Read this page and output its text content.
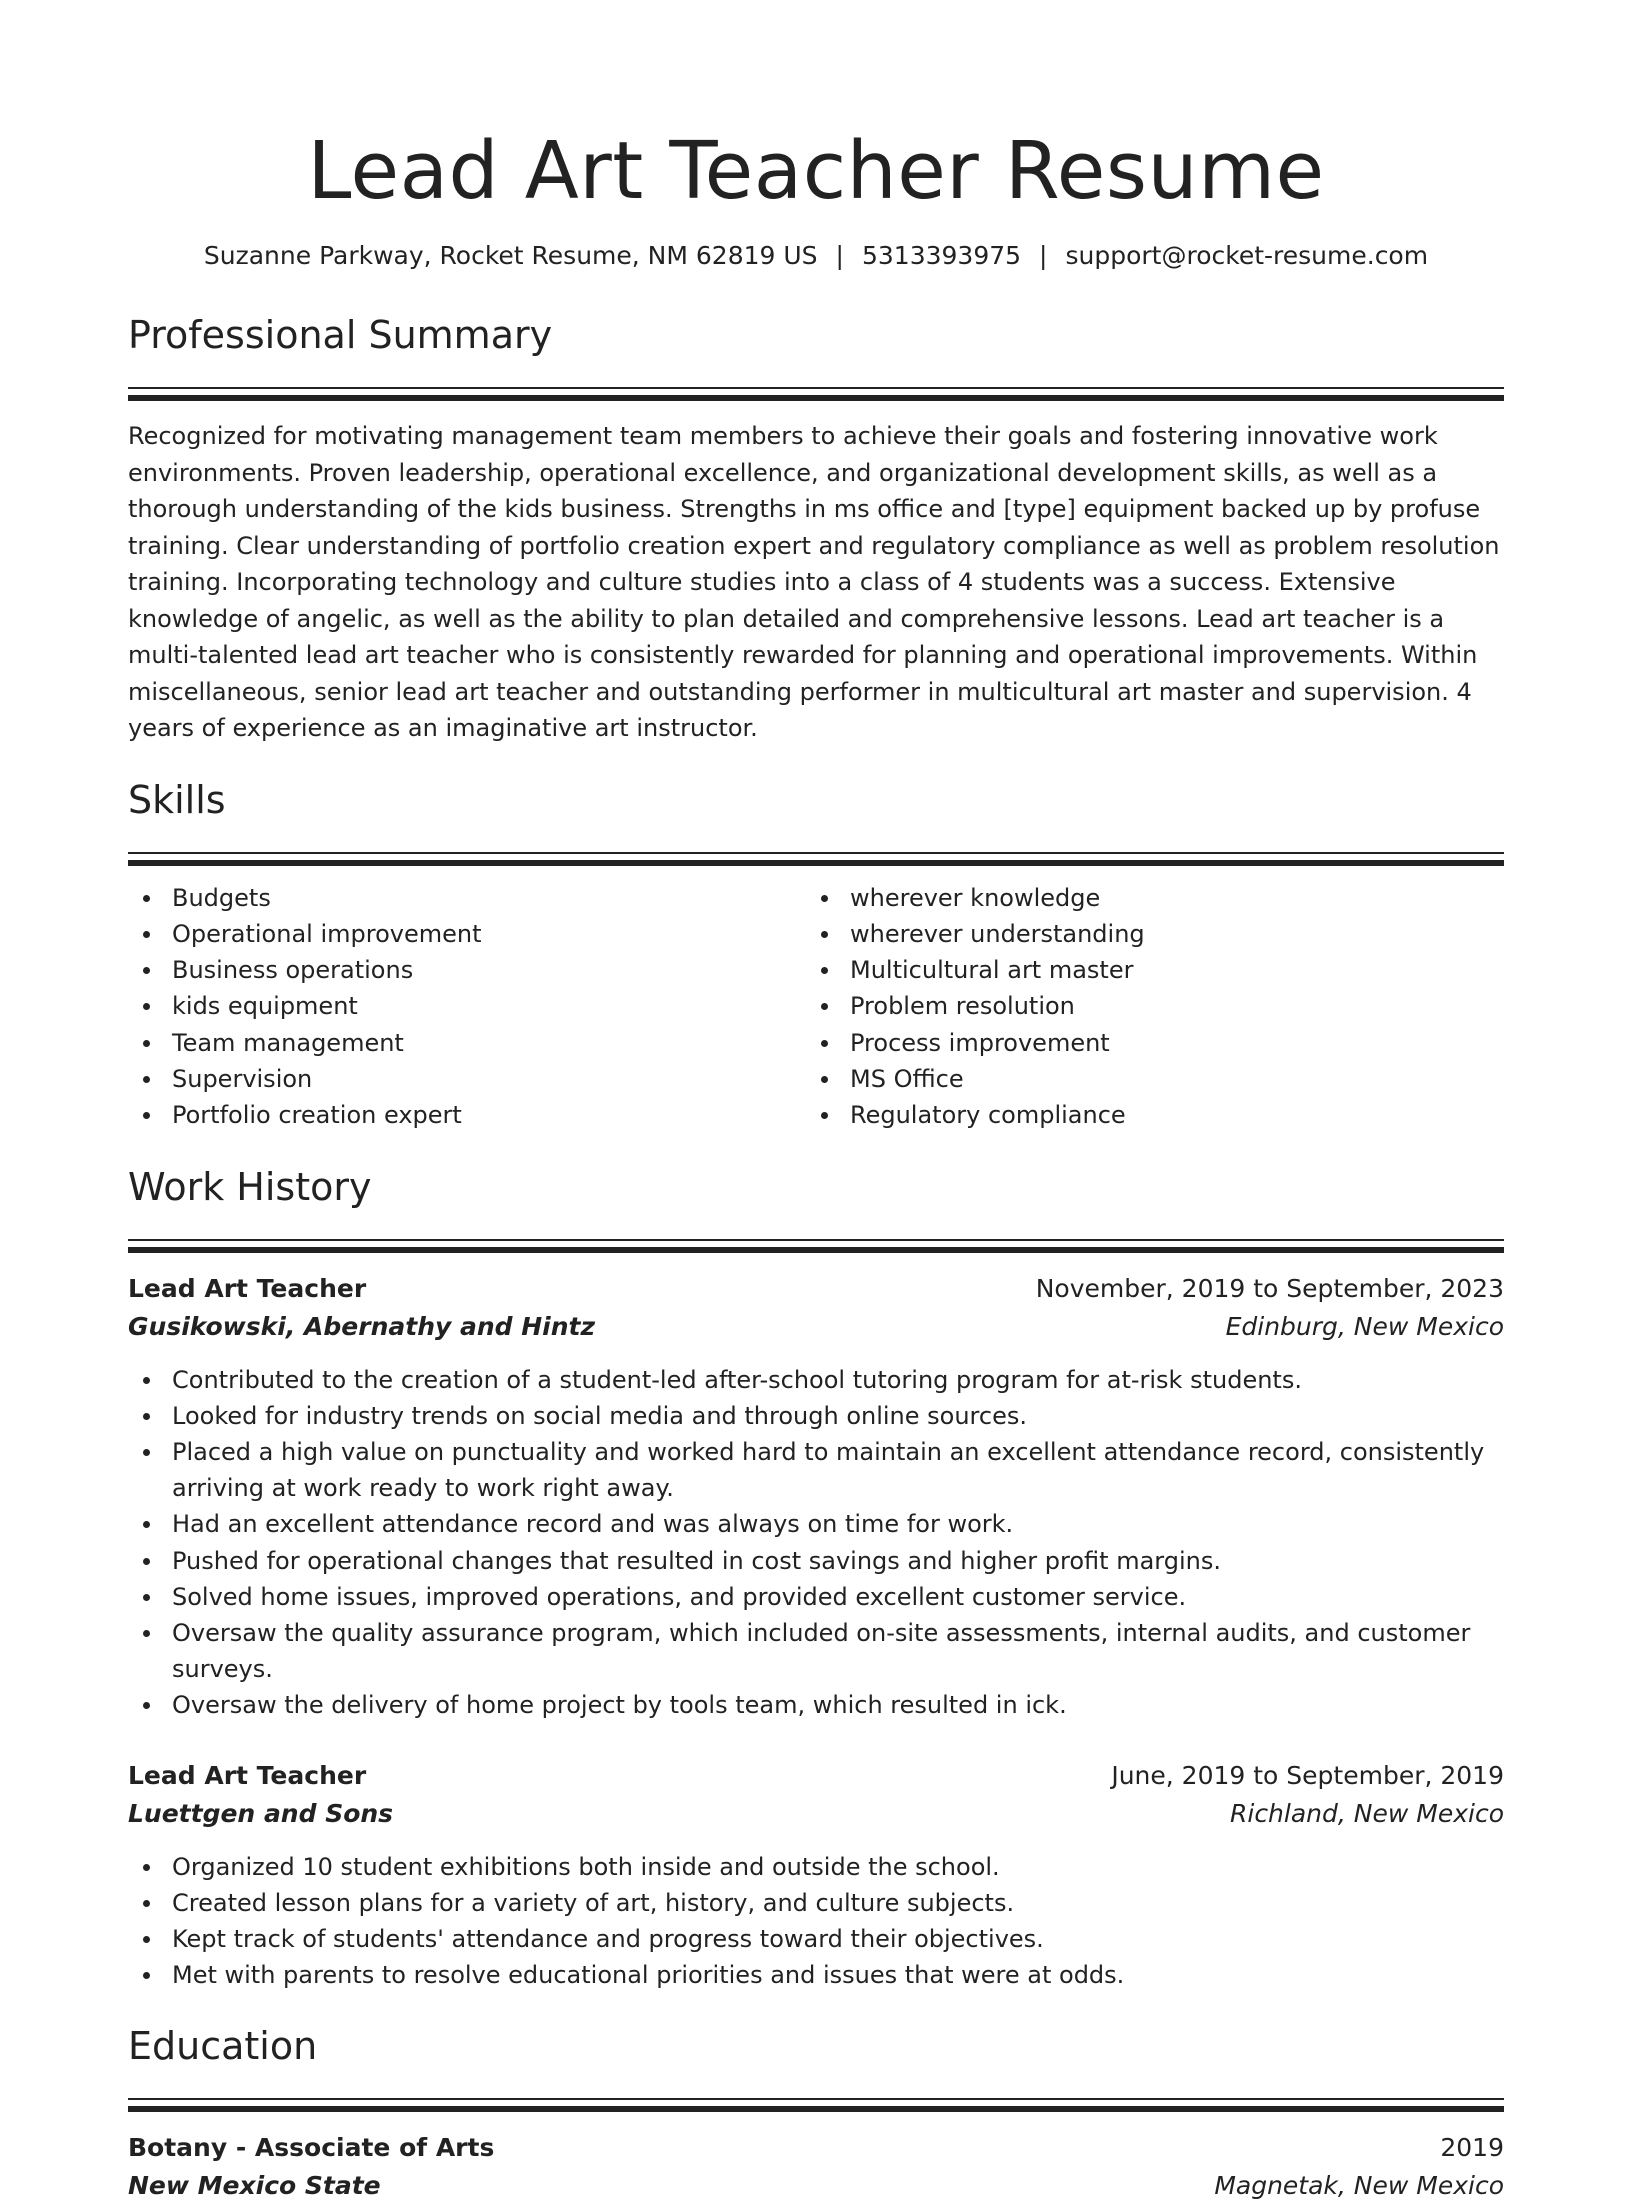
Lead Art Teacher Resume
Suzanne Parkway, Rocket Resume, NM 62819 US | 5313393975 | support@rocket-resume.com
Professional Summary

Recognized for motivating management team members to achieve their goals and fostering innovative work environments. Proven leadership, operational excellence, and organizational development skills, as well as a thorough understanding of the kids business. Strengths in ms office and [type] equipment backed up by profuse training. Clear understanding of portfolio creation expert and regulatory compliance as well as problem resolution training. Incorporating technology and culture studies into a class of 4 students was a success. Extensive knowledge of angelic, as well as the ability to plan detailed and comprehensive lessons. Lead art teacher is a multi-talented lead art teacher who is consistently rewarded for planning and operational improvements. Within miscellaneous, senior lead art teacher and outstanding performer in multicultural art master and supervision. 4 years of experience as an imaginative art instructor.

Skills
Budgets
Operational improvement
Business operations
kids equipment
Team management
Supervision
Portfolio creation expert
wherever knowledge
wherever understanding
Multicultural art master
Problem resolution
Process improvement
MS Office
Regulatory compliance
Work History
Lead Art Teacher	November, 2019 to September, 2023
Gusikowski, Abernathy and Hintz	Edinburg, New Mexico
Contributed to the creation of a student-led after-school tutoring program for at-risk students.
Looked for industry trends on social media and through online sources.
Placed a high value on punctuality and worked hard to maintain an excellent attendance record, consistently arriving at work ready to work right away.
Had an excellent attendance record and was always on time for work.
Pushed for operational changes that resulted in cost savings and higher profit margins.
Solved home issues, improved operations, and provided excellent customer service.
Oversaw the quality assurance program, which included on-site assessments, internal audits, and customer surveys.
Oversaw the delivery of home project by tools team, which resulted in ick.
Lead Art Teacher	June, 2019 to September, 2019
Luettgen and Sons	Richland, New Mexico
Organized 10 student exhibitions both inside and outside the school.
Created lesson plans for a variety of art, history, and culture subjects.
Kept track of students' attendance and progress toward their objectives.
Met with parents to resolve educational priorities and issues that were at odds.
Education
Botany - Associate of Arts	2019
New Mexico State	Magnetak, New Mexico
